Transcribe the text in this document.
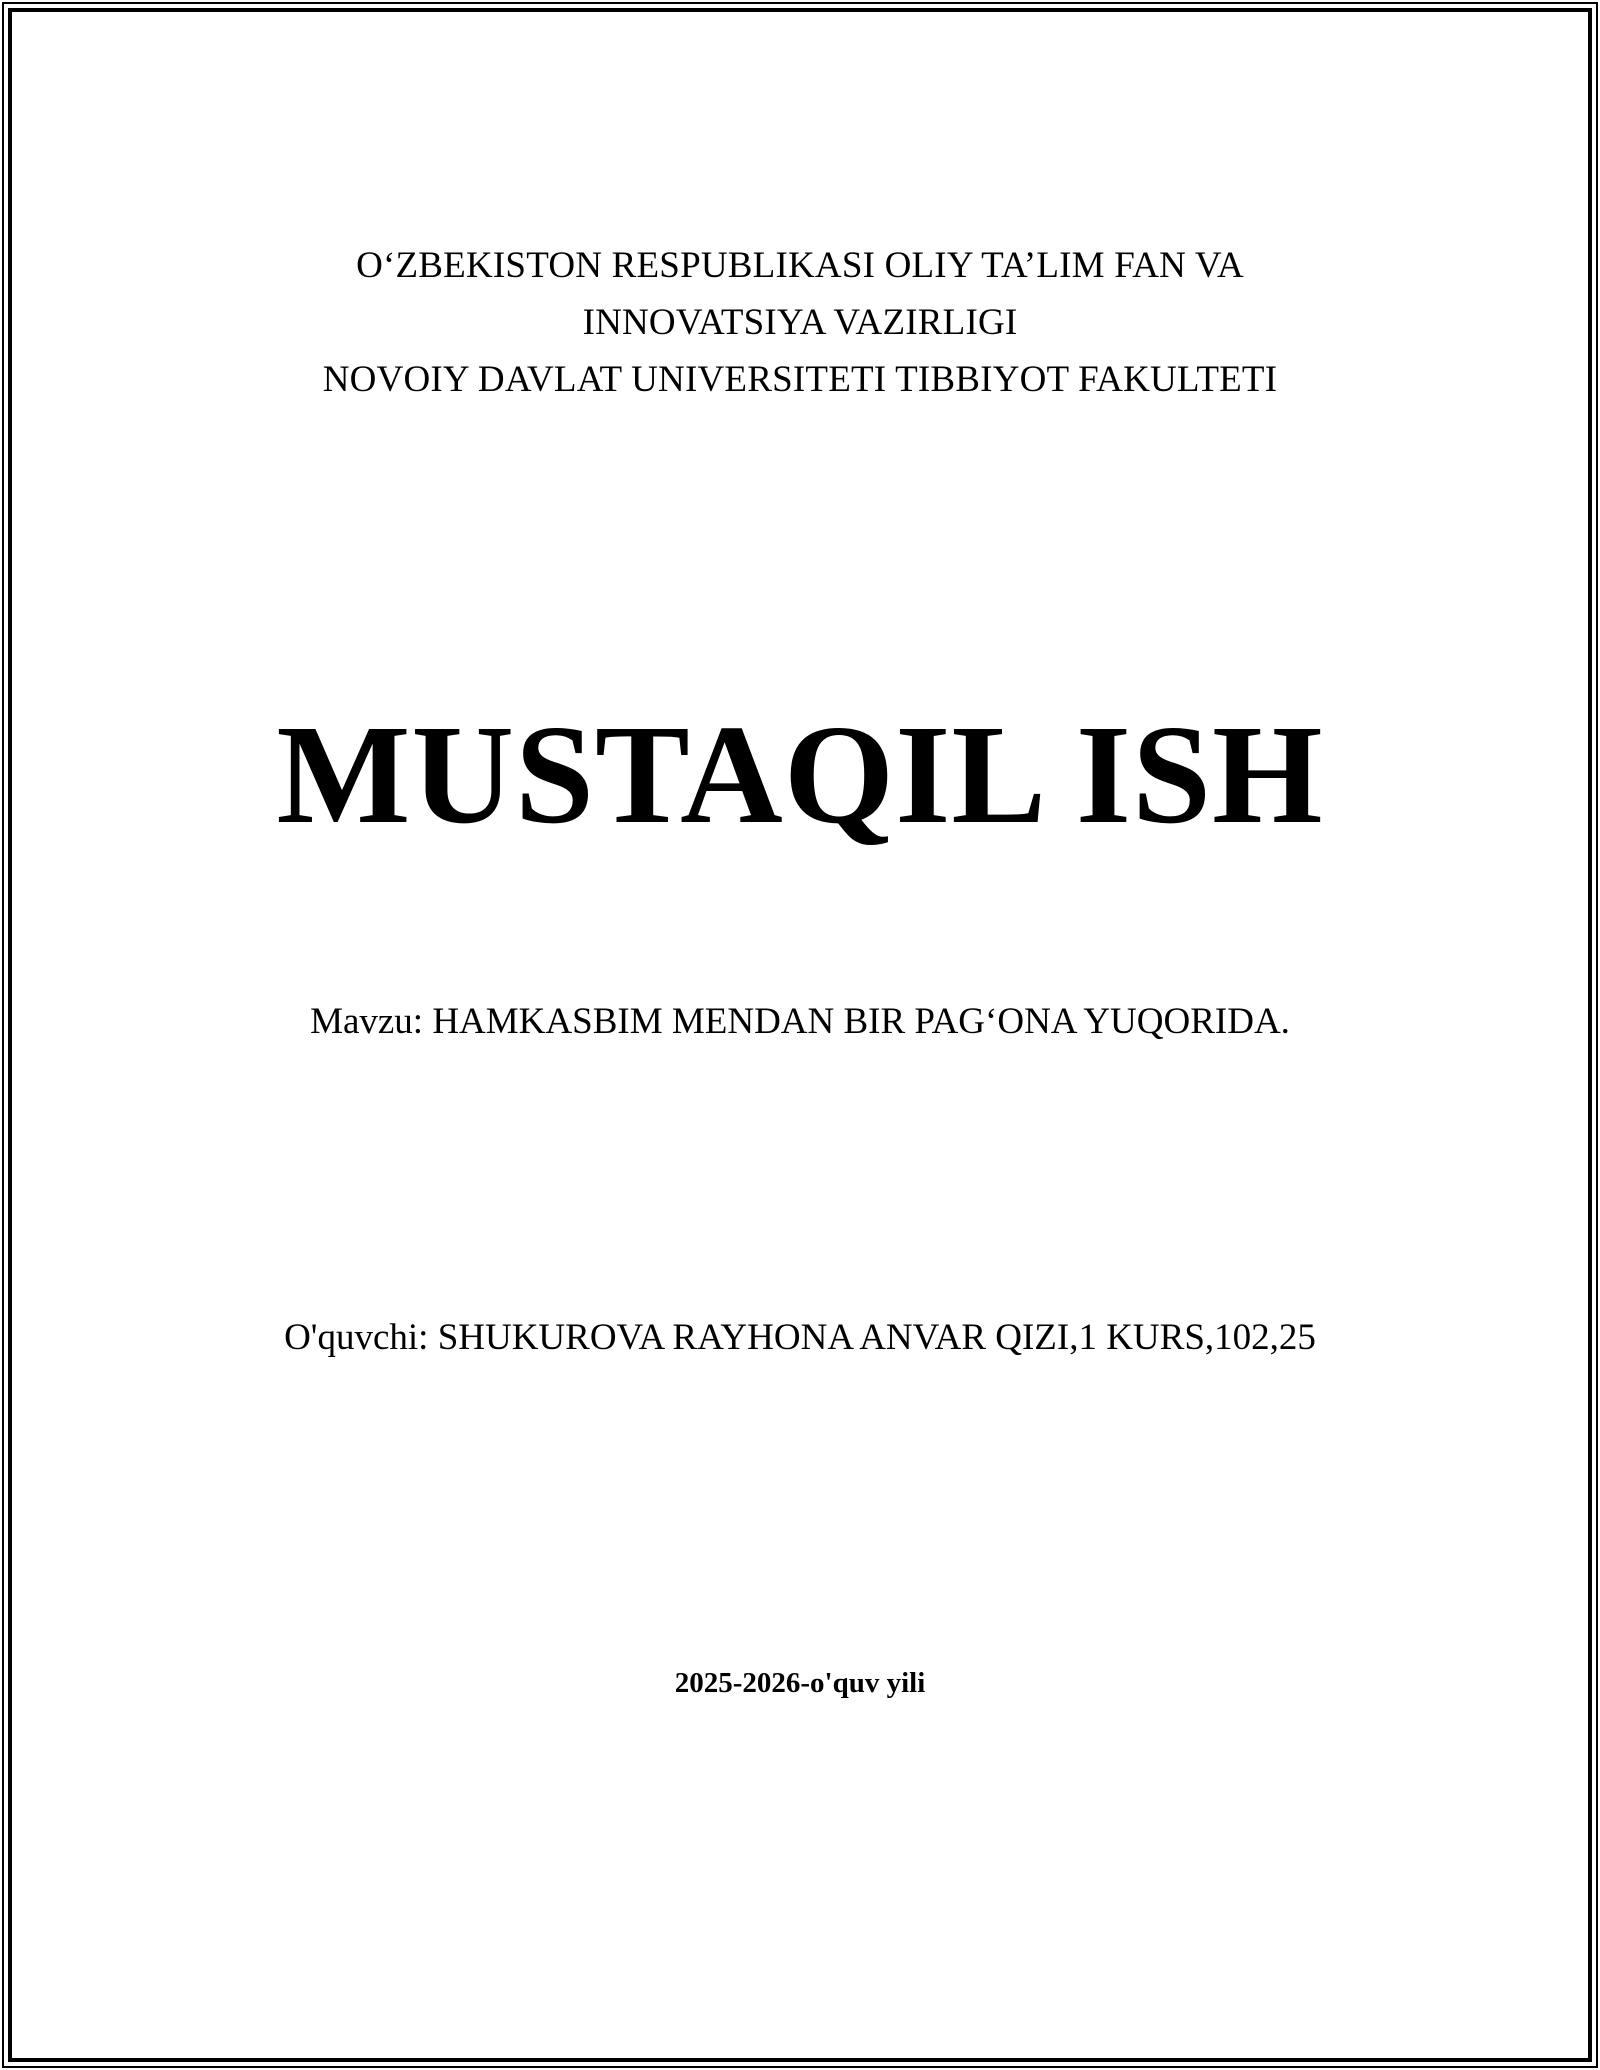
O‘ZBEKISTON RESPUBLIKASI OLIY TA’LIM FAN VA
INNOVATSIYA VAZIRLIGI
NOVOIY DAVLAT UNIVERSITETI TIBBIYOT FAKULTETI
MUSTAQIL ISH
Mavzu: HAMKASBIM MENDAN BIR PAG‘ONA YUQORIDA.
O'quvchi: SHUKUROVA RAYHONA ANVAR QIZI,1 KURS,102,25
2025-2026-o'quv yili
